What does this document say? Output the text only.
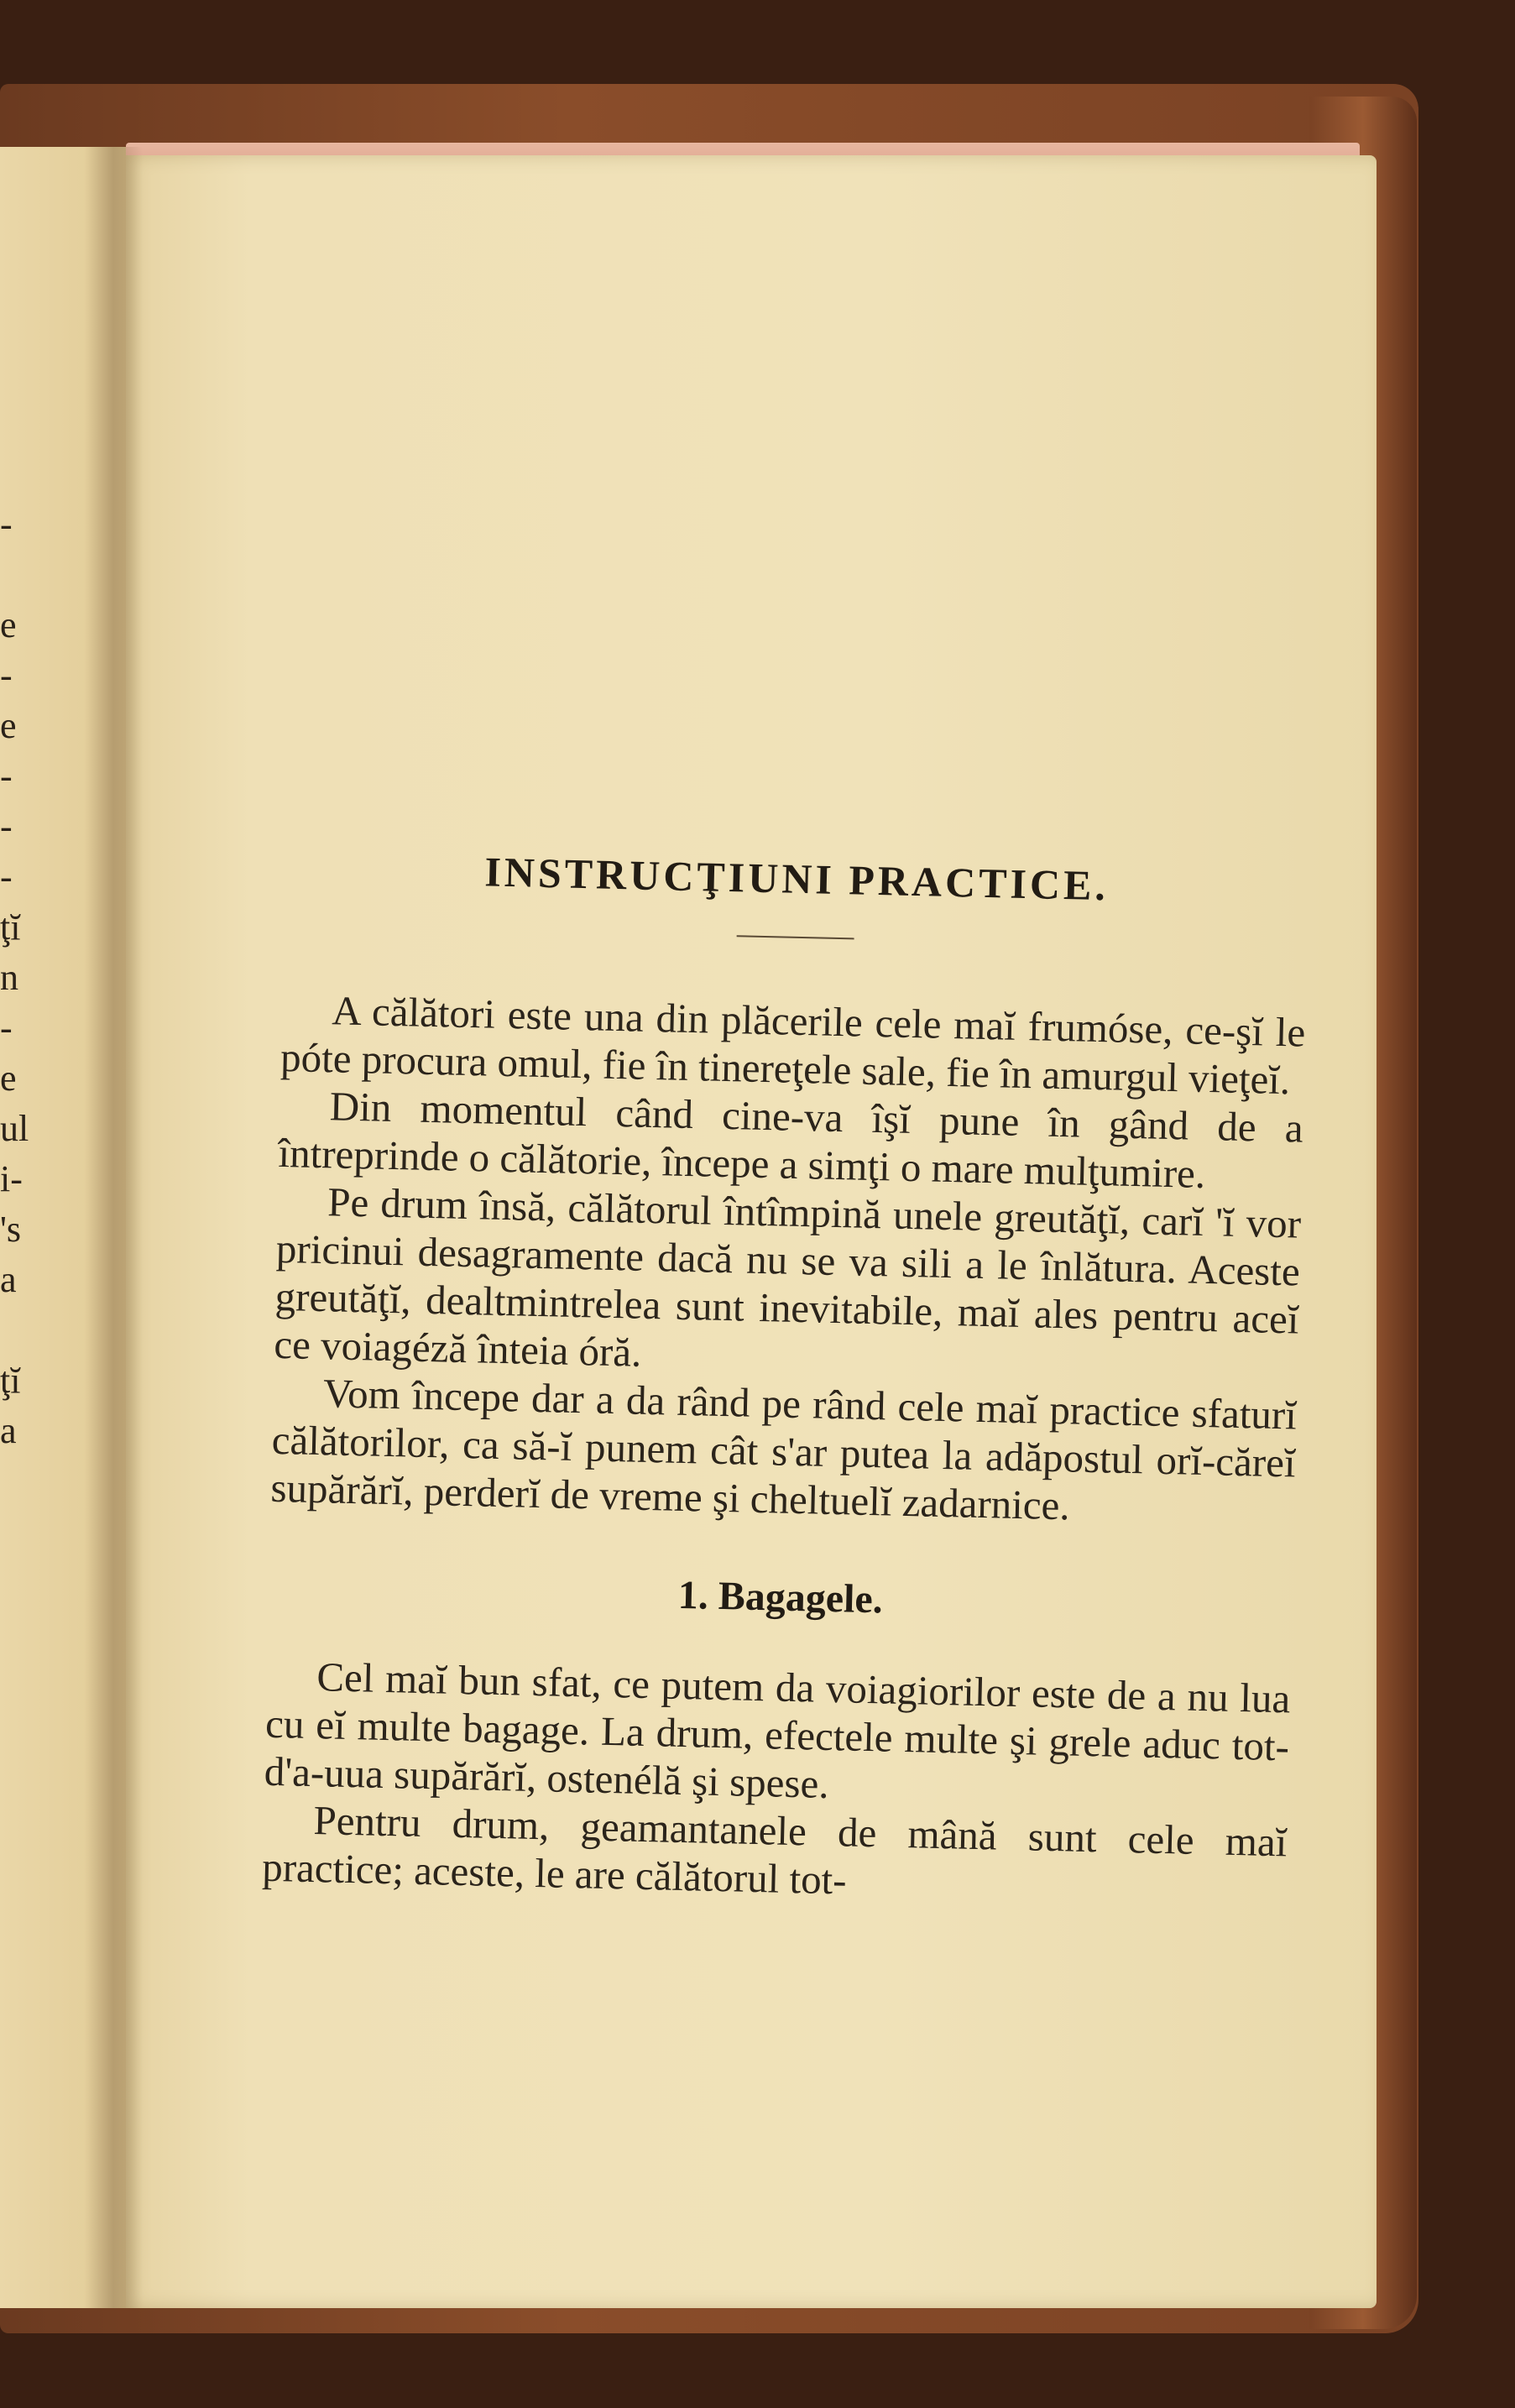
-
e
-
e
-
-
-
ţĭ
n
-
e
ul
i-
's
a
ţĭ
a
INSTRUCŢIUNI PRACTICE.

A călători este una din plăcerile cele maĭ frumóse, ce-şĭ le póte procura omul, fie în tinereţele sale, fie în amurgul vieţeĭ.

Din momentul când cine-va îşĭ pune în gând de a întreprinde o călătorie, începe a simţi o mare mulţumire.

Pe drum însă, călătorul întîmpină unele greutăţĭ, carĭ 'ĭ vor pricinui desagramente dacă nu se va sili a le înlătura. Aceste greutăţĭ, dealtmintrelea sunt inevitabile, maĭ ales pentru aceĭ ce voiagéză înteia óră.

Vom începe dar a da rând pe rând cele maĭ practice sfaturĭ călătorilor, ca să-ĭ punem cât s'ar putea la adăpostul orĭ-căreĭ supărărĭ, perderĭ de vreme şi cheltuelĭ zadarnice.

1. Bagagele.

Cel maĭ bun sfat, ce putem da voiagiorilor este de a nu lua cu eĭ multe bagage. La drum, efectele multe şi grele aduc tot-d'a-uua supărărĭ, ostenélă şi spese.

Pentru drum, geamantanele de mână sunt cele maĭ practice; aceste, le are călătorul tot-
